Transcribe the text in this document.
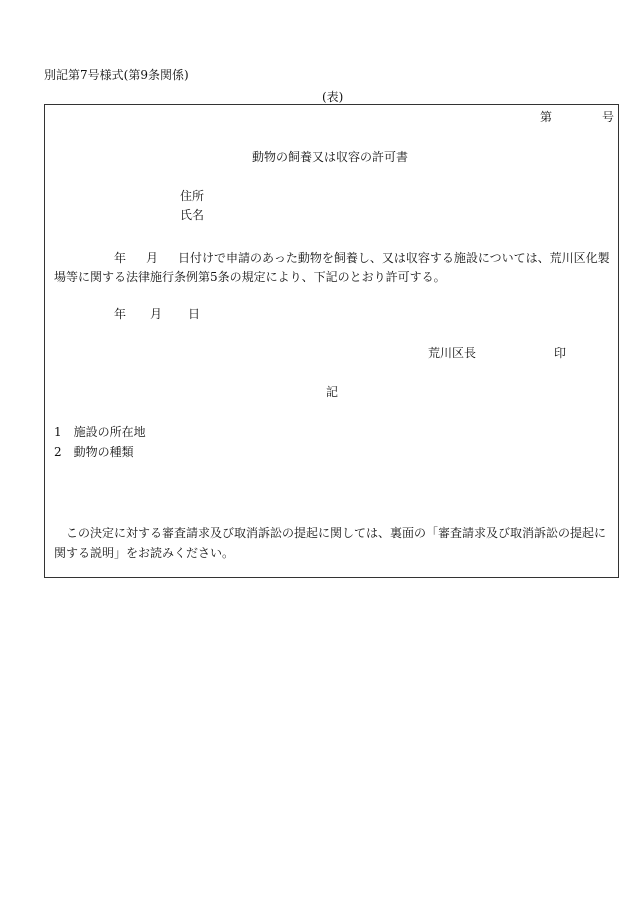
別記第7号様式(第9条関係)
(表)
第	号
動物の飼養又は収容の許可書
住所
氏名
年 月 日付けで申請のあった動物を飼養し、又は収容する施設については、荒川区化製場等に関する法律施行条例第5条の規定により、下記のとおり許可する。
年 月 日
荒川区長	印
記
1 施設の所在地
2 動物の種類
この決定に対する審査請求及び取消訴訟の提起に関しては、裏面の「審査請求及び取消訴訟の提起に関する説明」をお読みください。
